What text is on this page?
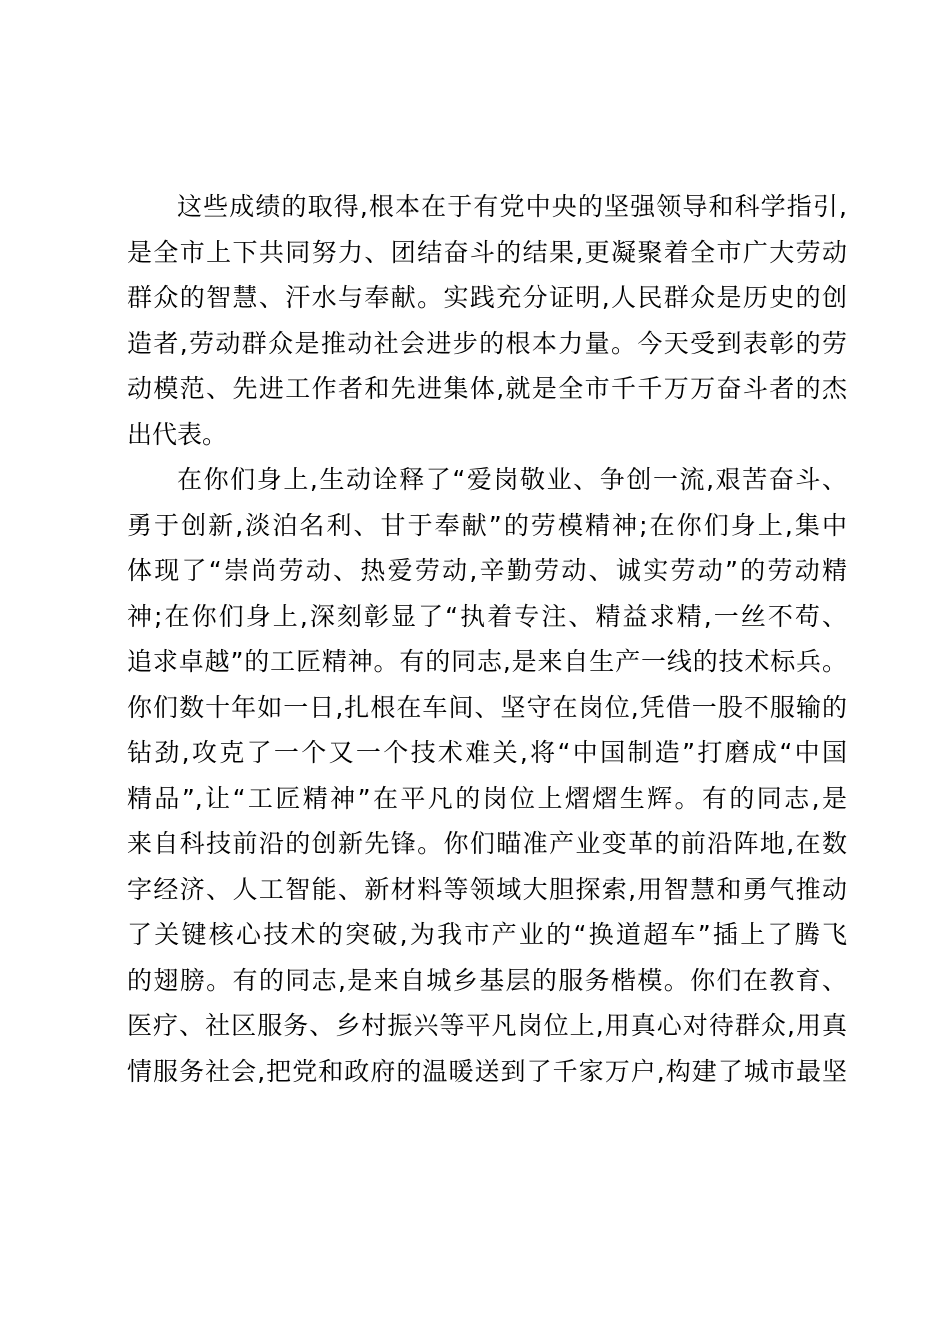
这些成绩的取得,根本在于有党中央的坚强领导和科学指引,
是全市上下共同努力、团结奋斗的结果,更凝聚着全市广大劳动
群众的智慧、汗水与奉献。实践充分证明,人民群众是历史的创
造者,劳动群众是推动社会进步的根本力量。今天受到表彰的劳
动模范、先进工作者和先进集体,就是全市千千万万奋斗者的杰
出代表。
在你们身上,生动诠释了“爱岗敬业、争创一流,艰苦奋斗、
勇于创新,淡泊名利、甘于奉献”的劳模精神;在你们身上,集中
体现了“崇尚劳动、热爱劳动,辛勤劳动、诚实劳动”的劳动精
神;在你们身上,深刻彰显了“执着专注、精益求精,一丝不苟、
追求卓越”的工匠精神。有的同志,是来自生产一线的技术标兵。
你们数十年如一日,扎根在车间、坚守在岗位,凭借一股不服输的
钻劲,攻克了一个又一个技术难关,将“中国制造”打磨成“中国
精品”,让“工匠精神”在平凡的岗位上熠熠生辉。有的同志,是
来自科技前沿的创新先锋。你们瞄准产业变革的前沿阵地,在数
字经济、人工智能、新材料等领域大胆探索,用智慧和勇气推动
了关键核心技术的突破,为我市产业的“换道超车”插上了腾飞
的翅膀。有的同志,是来自城乡基层的服务楷模。你们在教育、
医疗、社区服务、乡村振兴等平凡岗位上,用真心对待群众,用真
情服务社会,把党和政府的温暖送到了千家万户,构建了城市最坚
